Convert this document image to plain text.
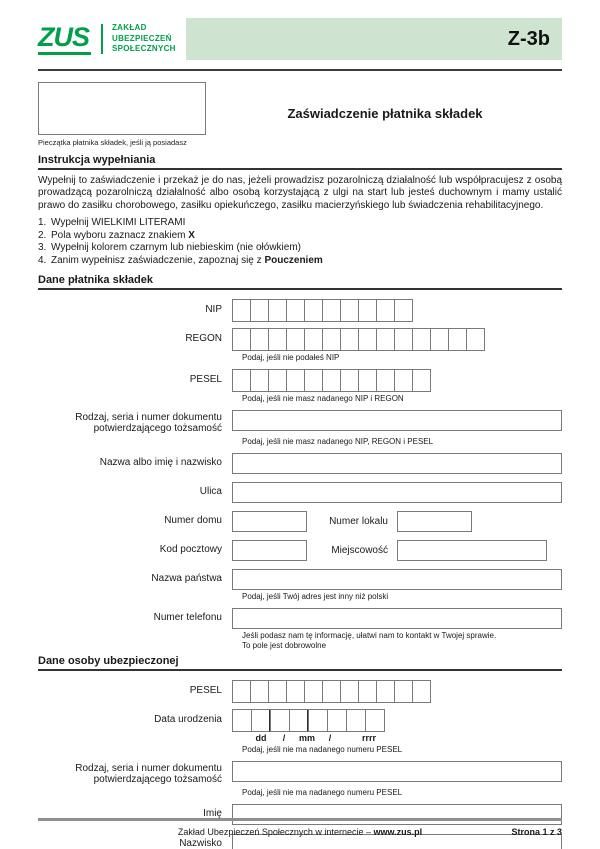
ZUS	ZAKŁAD
UBEZPIECZEŃ
SPOŁECZNYCH	Z-3b
Pieczątka płatnika składek, jeśli ją posiadasz
Zaświadczenie płatnika składek
Instrukcja wypełniania
Wypełnij to zaświadczenie i przekaż je do nas, jeżeli prowadzisz pozarolniczą działalność lub współpracujesz z osobą prowadzącą pozarolniczą działalność albo osobą korzystającą z ulgi na start lub jesteś duchownym i mamy ustalić prawo do zasiłku chorobowego, zasiłku opiekuńczego, zasiłku macierzyńskiego lub świadczenia rehabilitacyjnego.
1. Wypełnij WIELKIMI LITERAMI
2. Pola wyboru zaznacz znakiem X
3. Wypełnij kolorem czarnym lub niebieskim (nie ołówkiem)
4. Zanim wypełnisz zaświadczenie, zapoznaj się z Pouczeniem
Dane płatnika składek
NIP
REGON
Podaj, jeśli nie podałeś NIP
PESEL
Podaj, jeśli nie masz nadanego NIP i REGON
Rodzaj, seria i numer dokumentu
potwierdzającego tożsamość
Podaj, jeśli nie masz nadanego NIP, REGON i PESEL
Nazwa albo imię i nazwisko
Ulica
Numer domu	Numer lokalu
Kod pocztowy	Miejscowość
Nazwa państwa
Podaj, jeśli Twój adres jest inny niż polski
Numer telefonu
Jeśli podasz nam tę informację, ułatwi nam to kontakt w Twojej sprawie.
To pole jest dobrowolne
Dane osoby ubezpieczonej
PESEL
Data urodzenia
dd	/	mm	/	rrrr
Podaj, jeśli nie ma nadanego numeru PESEL
Rodzaj, seria i numer dokumentu
potwierdzającego tożsamość
Podaj, jeśli nie ma nadanego numeru PESEL
Imię
Nazwisko
Zakład Ubezpieczeń Społecznych w internecie – www.zus.pl	Strona 1 z 3
